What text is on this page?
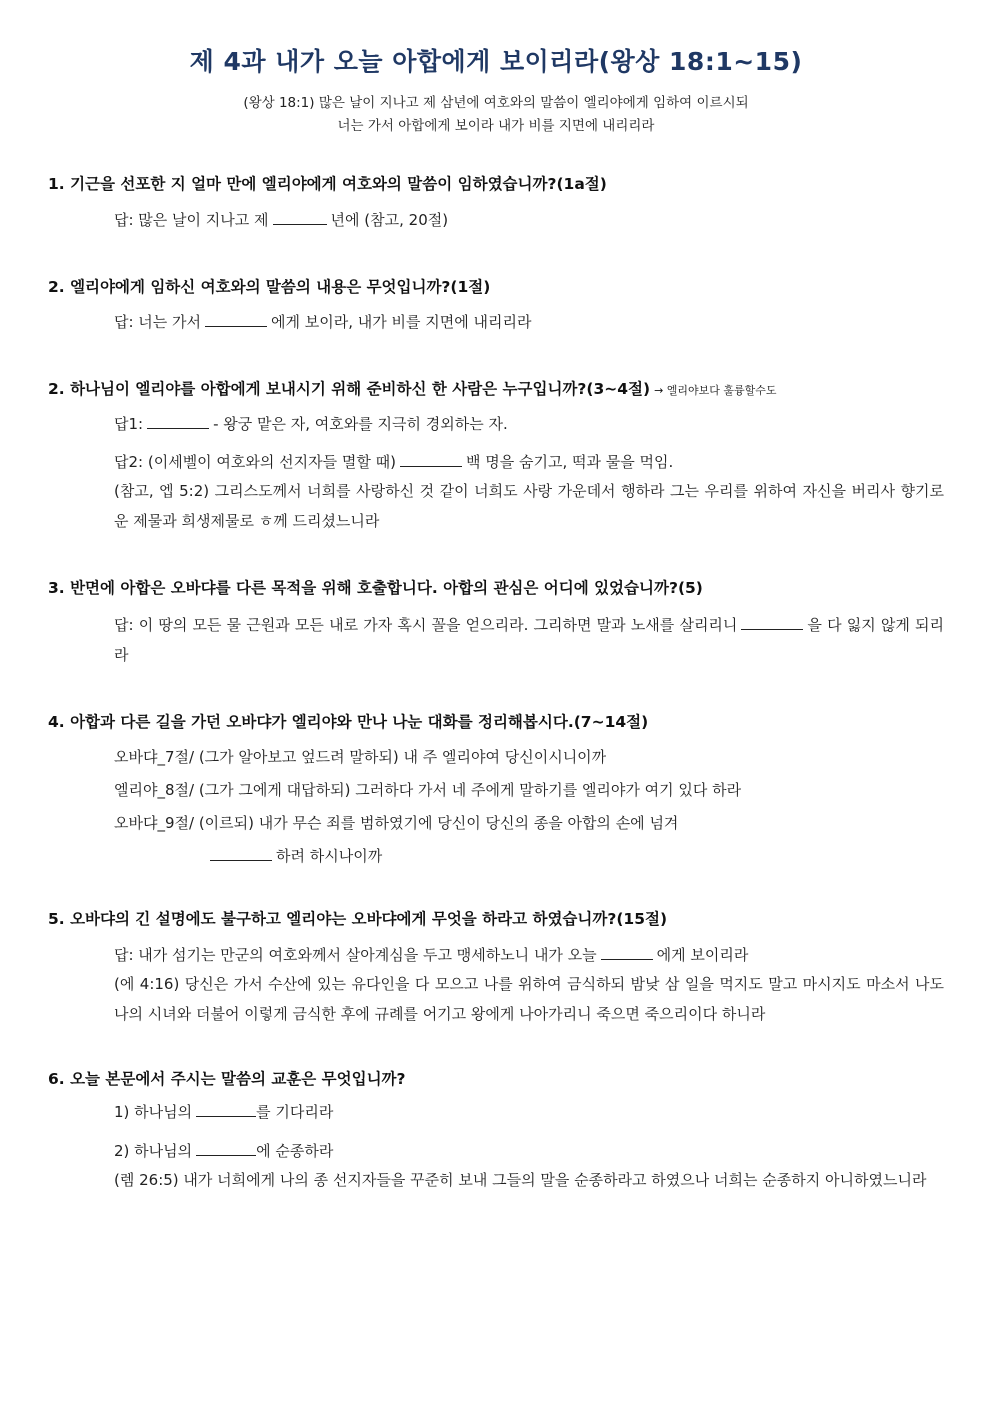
제 4과 내가 오늘 아합에게 보이리라(왕상 18:1~15)
(왕상 18:1) 많은 날이 지나고 제 삼년에 여호와의 말씀이 엘리야에게 임하여 이르시되
너는 가서 아합에게 보이라 내가 비를 지면에 내리리라
1. 기근을 선포한 지 얼마 만에 엘리야에게 여호와의 말씀이 임하였습니까?(1a절)
답: 많은 날이 지나고 제	년에 (참고, 20절)
2. 엘리야에게 임하신 여호와의 말씀의 내용은 무엇입니까?(1절)
답: 너는 가서	에게 보이라, 내가 비를 지면에 내리리라
2. 하나님이 엘리야를 아합에게 보내시기 위해 준비하신 한 사람은 누구입니까?(3~4절) → 엘리야보다 훌륭할수도
답1:	- 왕궁 맡은 자, 여호와를 지극히 경외하는 자.
답2: (이세벨이 여호와의 선지자들 멸할 때)	백 명을 숨기고, 떡과 물을 먹임.
(참고, 엡 5:2) 그리스도께서 너희를 사랑하신 것 같이 너희도 사랑 가운데서 행하라 그는 우리를 위하여 자신을 버리사 향기로운 제물과 희생제물로 ㅎ께 드리셨느니라
3. 반면에 아합은 오바댜를 다른 목적을 위해 호출합니다. 아합의 관심은 어디에 있었습니까?(5)
답: 이 땅의 모든 물 근원과 모든 내로 가자 혹시 꼴을 얻으리라. 그리하면 말과 노새를 살리리니	을 다 잃지 않게 되리라
4. 아합과 다른 길을 가던 오바댜가 엘리야와 만나 나눈 대화를 정리해봅시다.(7~14절)
오바댜_7절/ (그가 알아보고 엎드려 말하되) 내 주 엘리야여 당신이시니이까
엘리야_8절/ (그가 그에게 대답하되) 그러하다 가서 네 주에게 말하기를 엘리야가 여기 있다 하라
오바댜_9절/ (이르되) 내가 무슨 죄를 범하였기에 당신이 당신의 종을 아합의 손에 넘겨
하려 하시나이까
5. 오바댜의 긴 설명에도 불구하고 엘리야는 오바댜에게 무엇을 하라고 하였습니까?(15절)
답: 내가 섬기는 만군의 여호와께서 살아계심을 두고 맹세하노니 내가 오늘	에게 보이리라
(에 4:16) 당신은 가서 수산에 있는 유다인을 다 모으고 나를 위하여 금식하되 밤낮 삼 일을 먹지도 말고 마시지도 마소서 나도 나의 시녀와 더불어 이렇게 금식한 후에 규례를 어기고 왕에게 나아가리니 죽으면 죽으리이다 하니라
6. 오늘 본문에서 주시는 말씀의 교훈은 무엇입니까?
1) 하나님의	를 기다리라
2) 하나님의	에 순종하라
(렘 26:5) 내가 너희에게 나의 종 선지자들을 꾸준히 보내 그들의 말을 순종하라고 하였으나 너희는 순종하지 아니하였느니라
